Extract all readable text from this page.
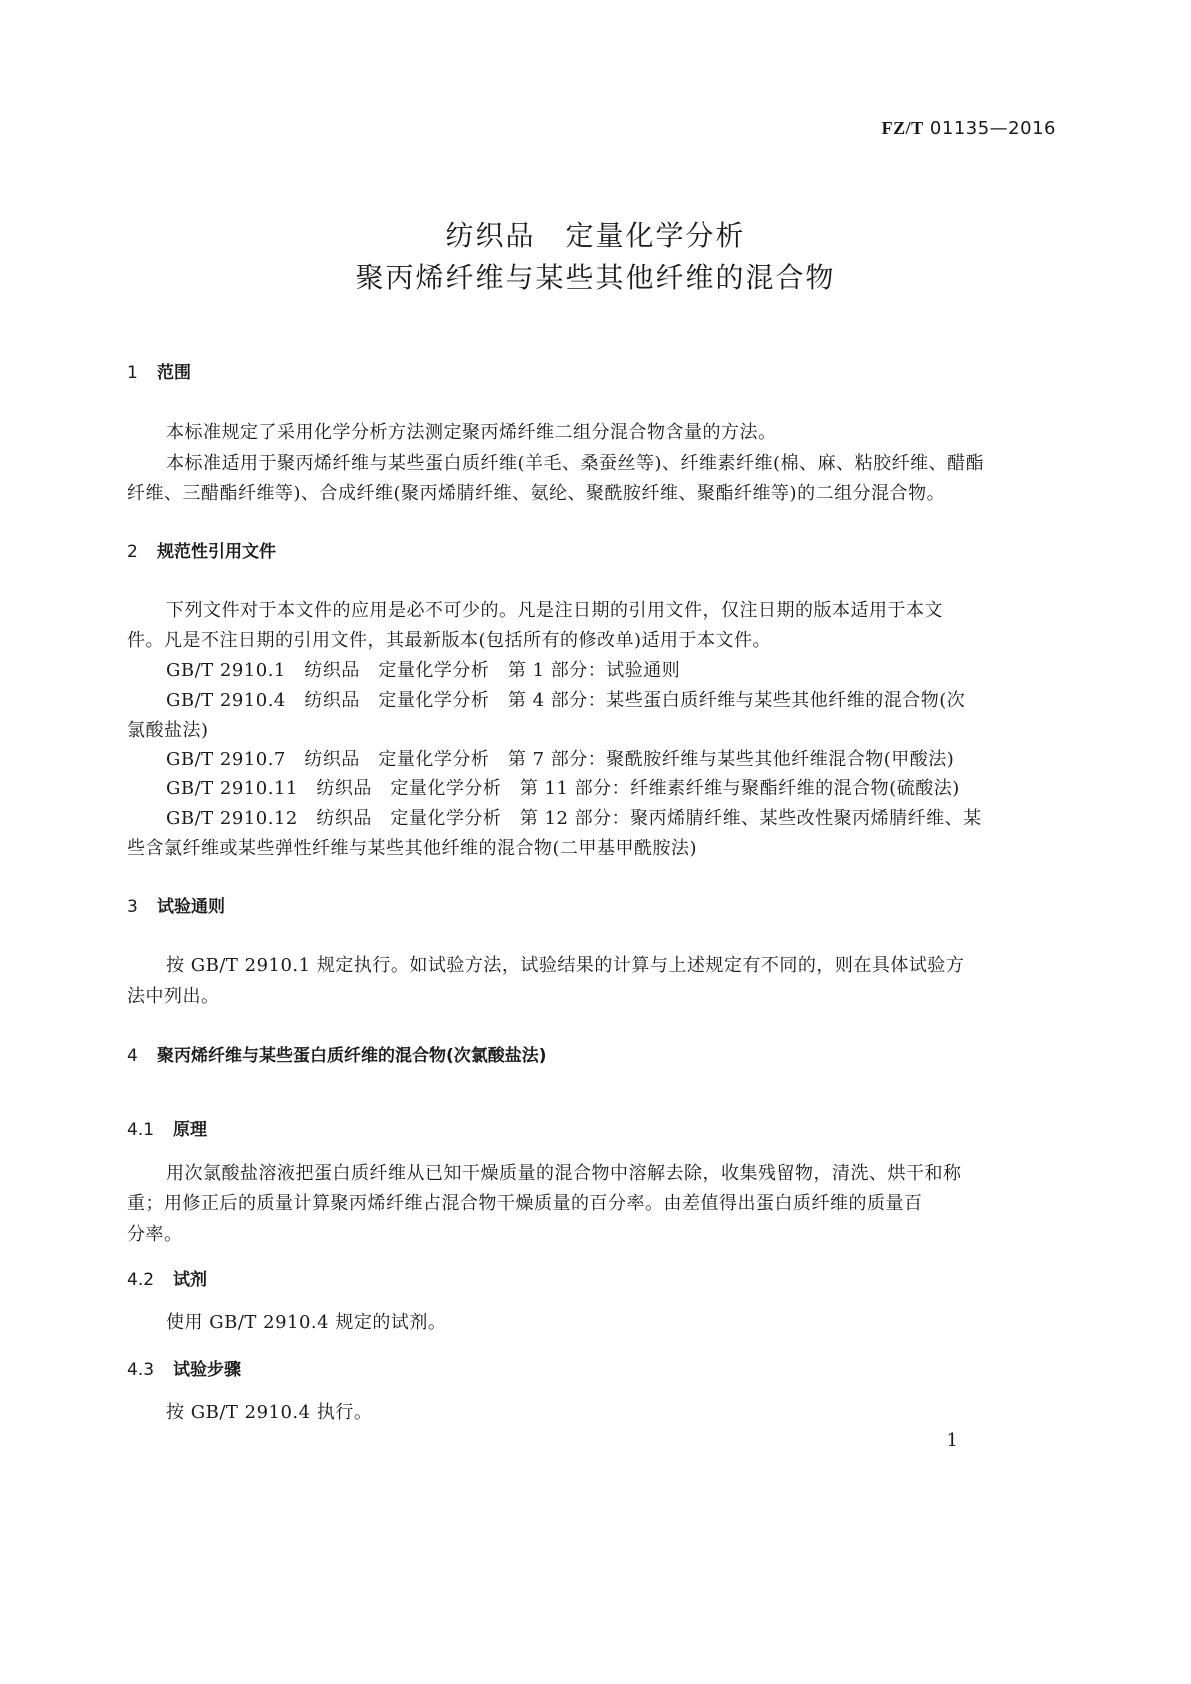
FZ/T 01135—2016
纺织品　定量化学分析
聚丙烯纤维与某些其他纤维的混合物
1 范围
本标准规定了采用化学分析方法测定聚丙烯纤维二组分混合物含量的方法。
本标准适用于聚丙烯纤维与某些蛋白质纤维(羊毛、桑蚕丝等)、纤维素纤维(棉、麻、粘胶纤维、醋酯
纤维、三醋酯纤维等)、合成纤维(聚丙烯腈纤维、氨纶、聚酰胺纤维、聚酯纤维等)的二组分混合物。
2 规范性引用文件
下列文件对于本文件的应用是必不可少的。凡是注日期的引用文件，仅注日期的版本适用于本文
件。凡是不注日期的引用文件，其最新版本(包括所有的修改单)适用于本文件。
GB/T 2910.1　纺织品　定量化学分析　第 1 部分：试验通则
GB/T 2910.4　纺织品　定量化学分析　第 4 部分：某些蛋白质纤维与某些其他纤维的混合物(次
氯酸盐法)
GB/T 2910.7　纺织品　定量化学分析　第 7 部分：聚酰胺纤维与某些其他纤维混合物(甲酸法)
GB/T 2910.11　纺织品　定量化学分析　第 11 部分：纤维素纤维与聚酯纤维的混合物(硫酸法)
GB/T 2910.12　纺织品　定量化学分析　第 12 部分：聚丙烯腈纤维、某些改性聚丙烯腈纤维、某
些含氯纤维或某些弹性纤维与某些其他纤维的混合物(二甲基甲酰胺法)
3 试验通则
按 GB/T 2910.1 规定执行。如试验方法，试验结果的计算与上述规定有不同的，则在具体试验方
法中列出。
4 聚丙烯纤维与某些蛋白质纤维的混合物(次氯酸盐法)
4.1 原理
用次氯酸盐溶液把蛋白质纤维从已知干燥质量的混合物中溶解去除，收集残留物，清洗、烘干和称
重；用修正后的质量计算聚丙烯纤维占混合物干燥质量的百分率。由差值得出蛋白质纤维的质量百
分率。
4.2 试剂
使用 GB/T 2910.4 规定的试剂。
4.3 试验步骤
按 GB/T 2910.4 执行。
1
